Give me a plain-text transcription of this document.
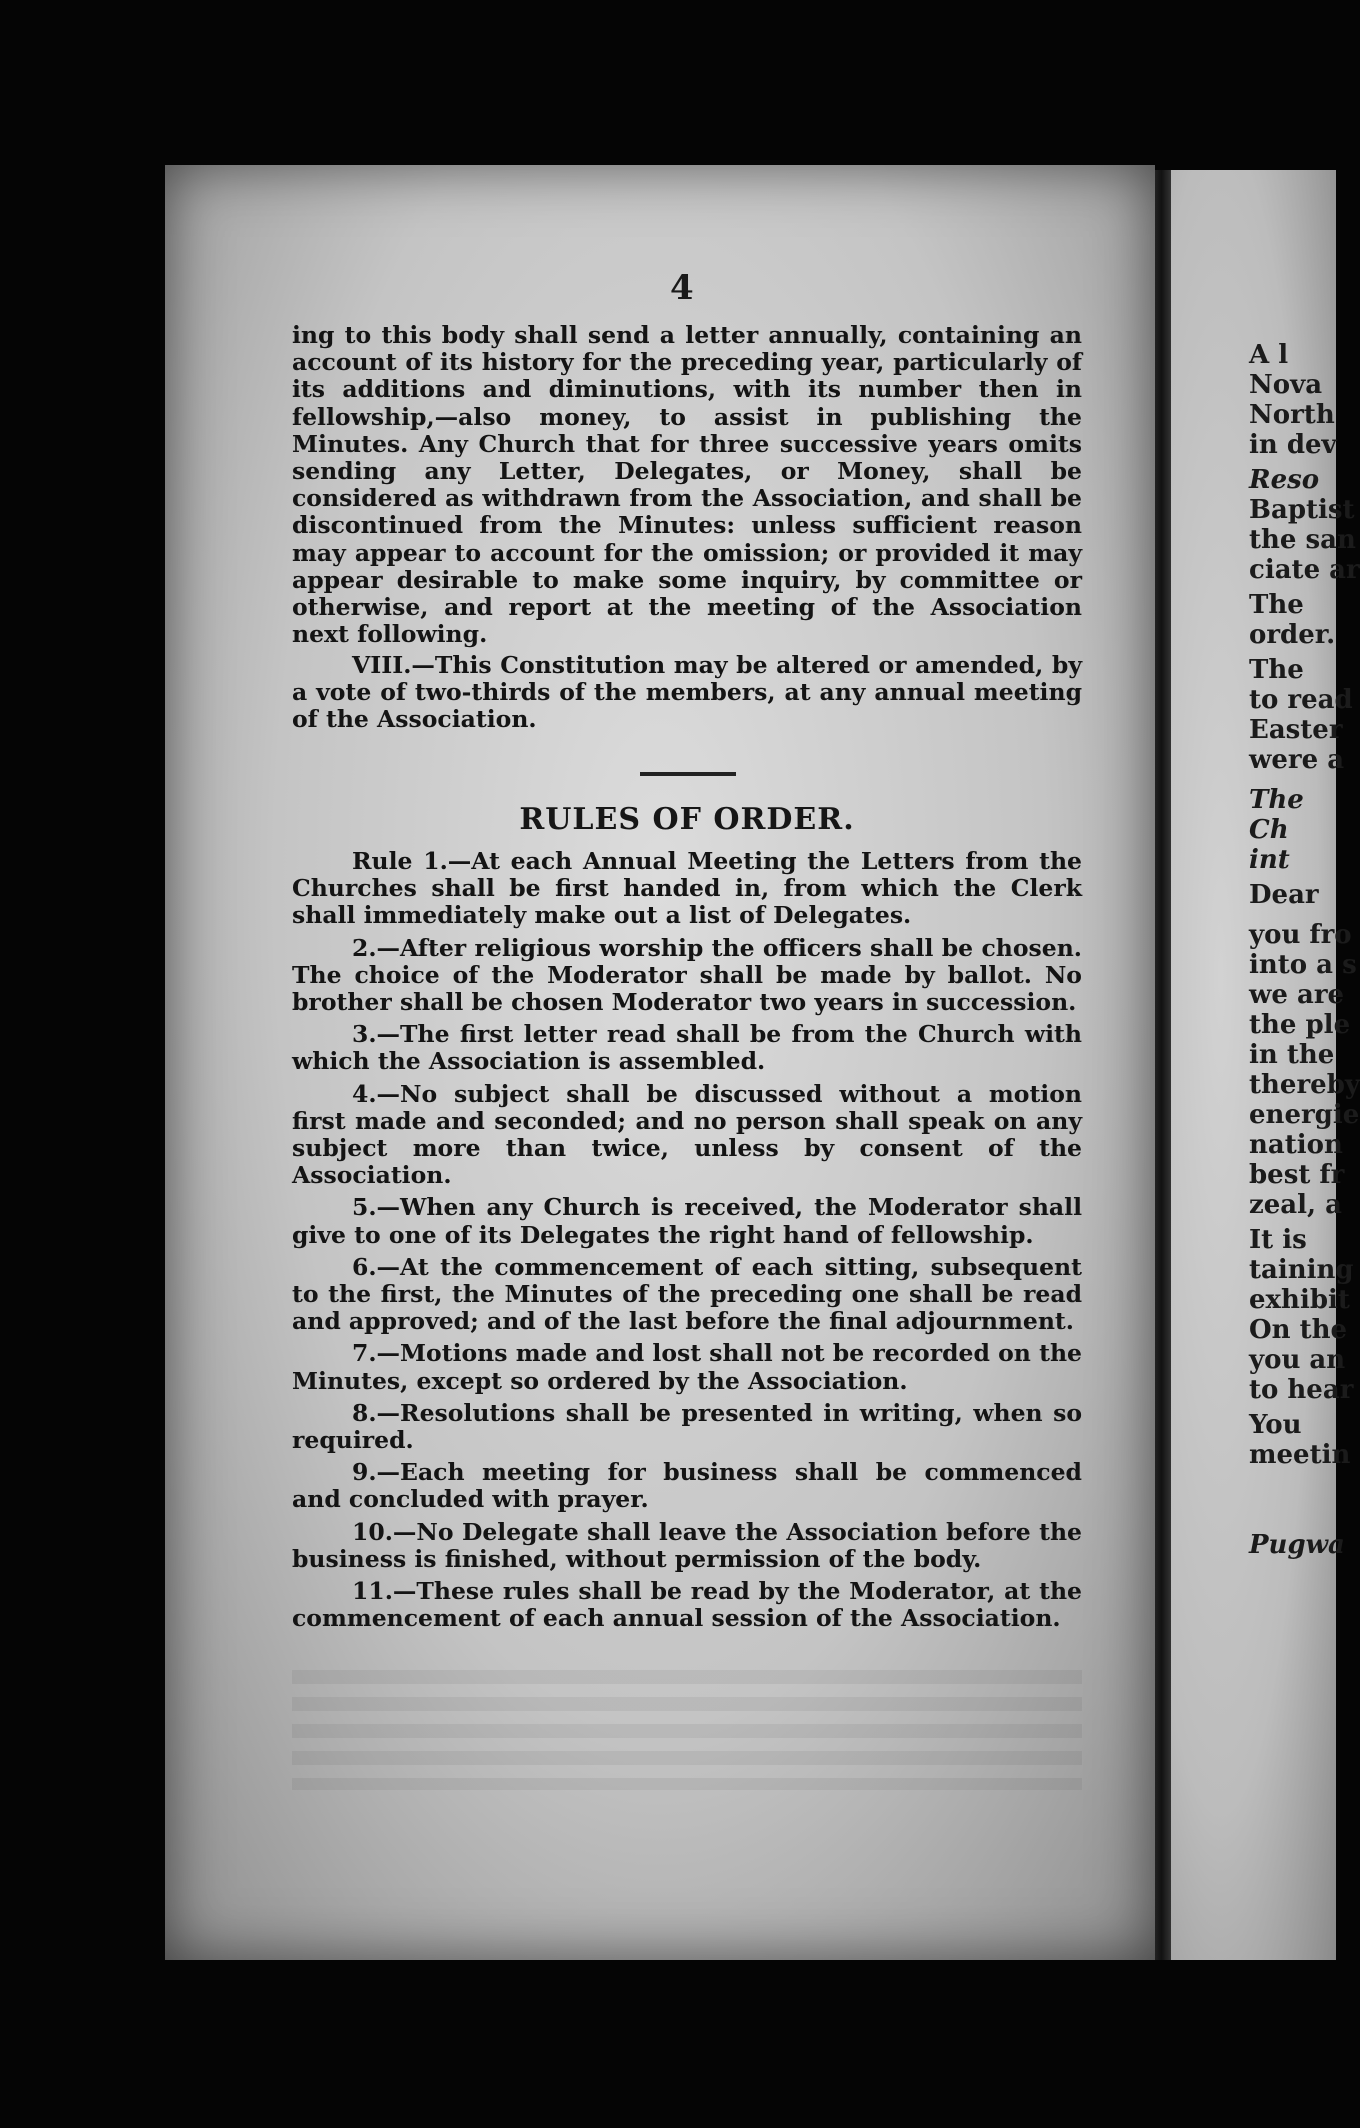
4
ing to this body shall send a letter annually, containing an account of its history for the preceding year, particularly of its additions and diminutions, with its number then in fellowship,—also money, to assist in publishing the Minutes. Any Church that for three successive years omits sending any Letter, Delegates, or Money, shall be considered as withdrawn from the Association, and shall be discontinued from the Minutes: unless sufficient reason may appear to account for the omission; or provided it may appear desirable to make some inquiry, by committee or otherwise, and report at the meeting of the Association next following.
VIII.—This Constitution may be altered or amended, by a vote of two-thirds of the members, at any annual meeting of the Association.
RULES OF ORDER.

Rule 1.—At each Annual Meeting the Letters from the Churches shall be first handed in, from which the Clerk shall immediately make out a list of Delegates.

2.—After religious worship the officers shall be chosen. The choice of the Moderator shall be made by ballot. No brother shall be chosen Moderator two years in succession.

3.—The first letter read shall be from the Church with which the Association is assembled.

4.—No subject shall be discussed without a motion first made and seconded; and no person shall speak on any subject more than twice, unless by consent of the Association.

5.—When any Church is received, the Moderator shall give to one of its Delegates the right hand of fellowship.

6.—At the commencement of each sitting, subsequent to the first, the Minutes of the preceding one shall be read and approved; and of the last before the final adjournment.

7.—Motions made and lost shall not be recorded on the Minutes, except so ordered by the Association.

8.—Resolutions shall be presented in writing, when so required.

9.—Each meeting for business shall be commenced and concluded with prayer.

10.—No Delegate shall leave the Association before the business is finished, without permission of the body.

11.—These rules shall be read by the Moderator, at the commencement of each annual session of the Association.

A l
Nova
North
in dev
Reso
Baptist
the san
ciate ar
The
order.
The
to read
Easter
were a
The
Ch
int
Dear
you fro
into a s
we are
the ple
in the
thereby
energie
nation
best fr
zeal, a
It is
taining
exhibit
On the
you an
to hear
You
meetin
Pugwa
